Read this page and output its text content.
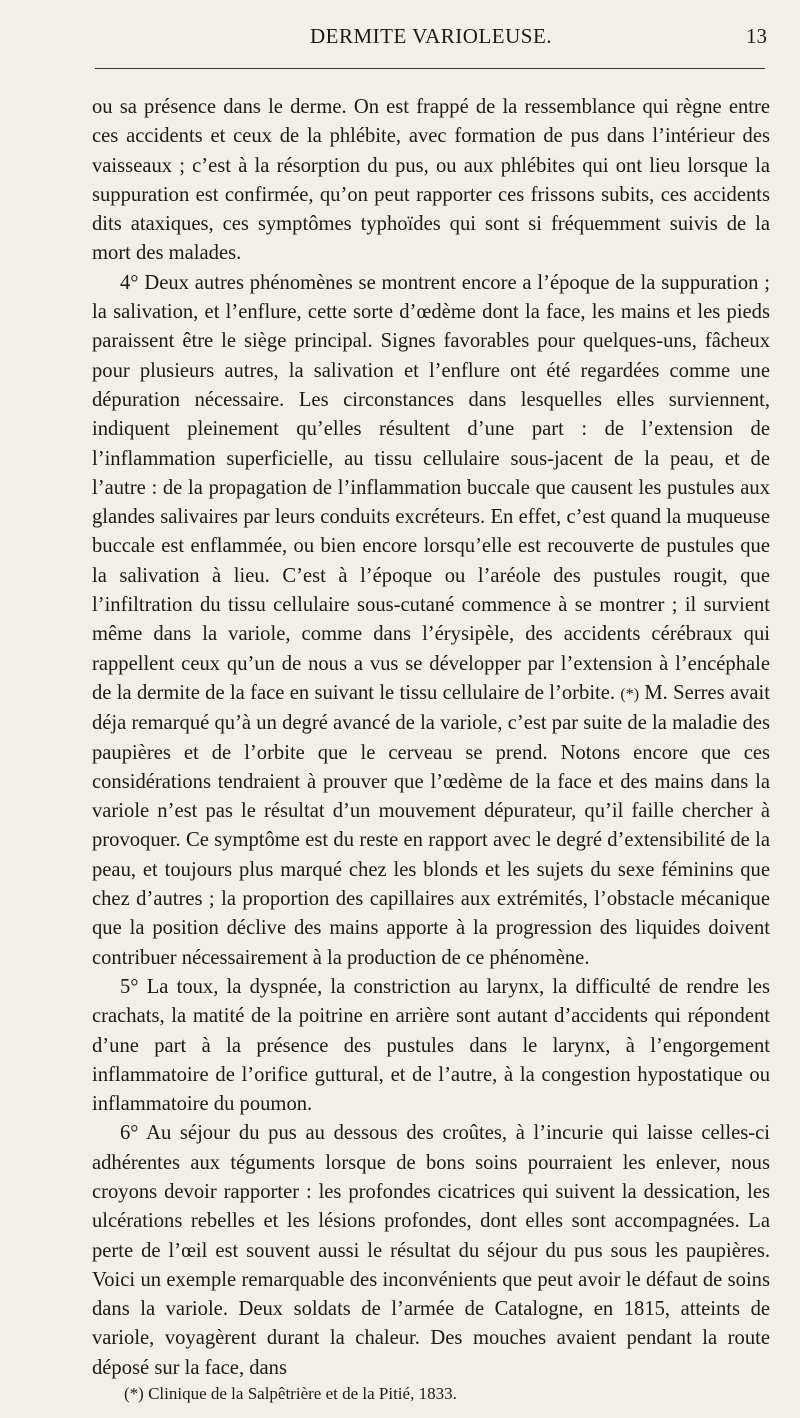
DERMITE VARIOLEUSE.	13

ou sa présence dans le derme. On est frappé de la ressemblance qui règne entre ces accidents et ceux de la phlébite, avec formation de pus dans l’intérieur des vaisseaux ; c’est à la résorption du pus, ou aux phlébites qui ont lieu lorsque la suppuration est confirmée, qu’on peut rapporter ces frissons subits, ces accidents dits ataxiques, ces symptômes typhoïdes qui sont si fréquemment suivis de la mort des malades.

4° Deux autres phénomènes se montrent encore a l’époque de la suppuration ; la salivation, et l’enflure, cette sorte d’œdème dont la face, les mains et les pieds paraissent être le siège principal. Signes favorables pour quelques-uns, fâcheux pour plusieurs autres, la salivation et l’enflure ont été regardées comme une dépuration nécessaire. Les circonstances dans lesquelles elles surviennent, indiquent pleinement qu’elles résultent d’une part : de l’extension de l’inflammation superficielle, au tissu cellulaire sous-jacent de la peau, et de l’autre : de la propagation de l’inflammation buccale que causent les pustules aux glandes salivaires par leurs conduits excréteurs. En effet, c’est quand la muqueuse buccale est enflammée, ou bien encore lorsqu’elle est recouverte de pustules que la salivation à lieu. C’est à l’époque ou l’aréole des pustules rougit, que l’infiltration du tissu cellulaire sous-cutané commence à se montrer ; il survient même dans la variole, comme dans l’érysipèle, des accidents cérébraux qui rappellent ceux qu’un de nous a vus se développer par l’extension à l’encéphale de la dermite de la face en suivant le tissu cellulaire de l’orbite. (*) M. Serres avait déja remarqué qu’à un degré avancé de la variole, c’est par suite de la maladie des paupières et de l’orbite que le cerveau se prend. Notons encore que ces considérations tendraient à prouver que l’œdème de la face et des mains dans la variole n’est pas le résultat d’un mouvement dépurateur, qu’il faille chercher à provoquer. Ce symptôme est du reste en rapport avec le degré d’extensibilité de la peau, et toujours plus marqué chez les blonds et les sujets du sexe féminins que chez d’autres ; la proportion des capillaires aux extrémités, l’obstacle mécanique que la position déclive des mains apporte à la progression des liquides doivent contribuer nécessairement à la production de ce phénomène.

5° La toux, la dyspnée, la constriction au larynx, la difficulté de rendre les crachats, la matité de la poitrine en arrière sont autant d’accidents qui répondent d’une part à la présence des pustules dans le larynx, à l’engorgement inflammatoire de l’orifice guttural, et de l’autre, à la congestion hypostatique ou inflammatoire du poumon.

6° Au séjour du pus au dessous des croûtes, à l’incurie qui laisse celles-ci adhérentes aux téguments lorsque de bons soins pourraient les enlever, nous croyons devoir rapporter : les profondes cicatrices qui suivent la dessication, les ulcérations rebelles et les lésions profondes, dont elles sont accompagnées. La perte de l’œil est souvent aussi le résultat du séjour du pus sous les paupières. Voici un exemple remarquable des inconvénients que peut avoir le défaut de soins dans la variole. Deux soldats de l’armée de Catalogne, en 1815, atteints de variole, voyagèrent durant la chaleur. Des mouches avaient pendant la route déposé sur la face, dans

(*) Clinique de la Salpêtrière et de la Pitié, 1833.
